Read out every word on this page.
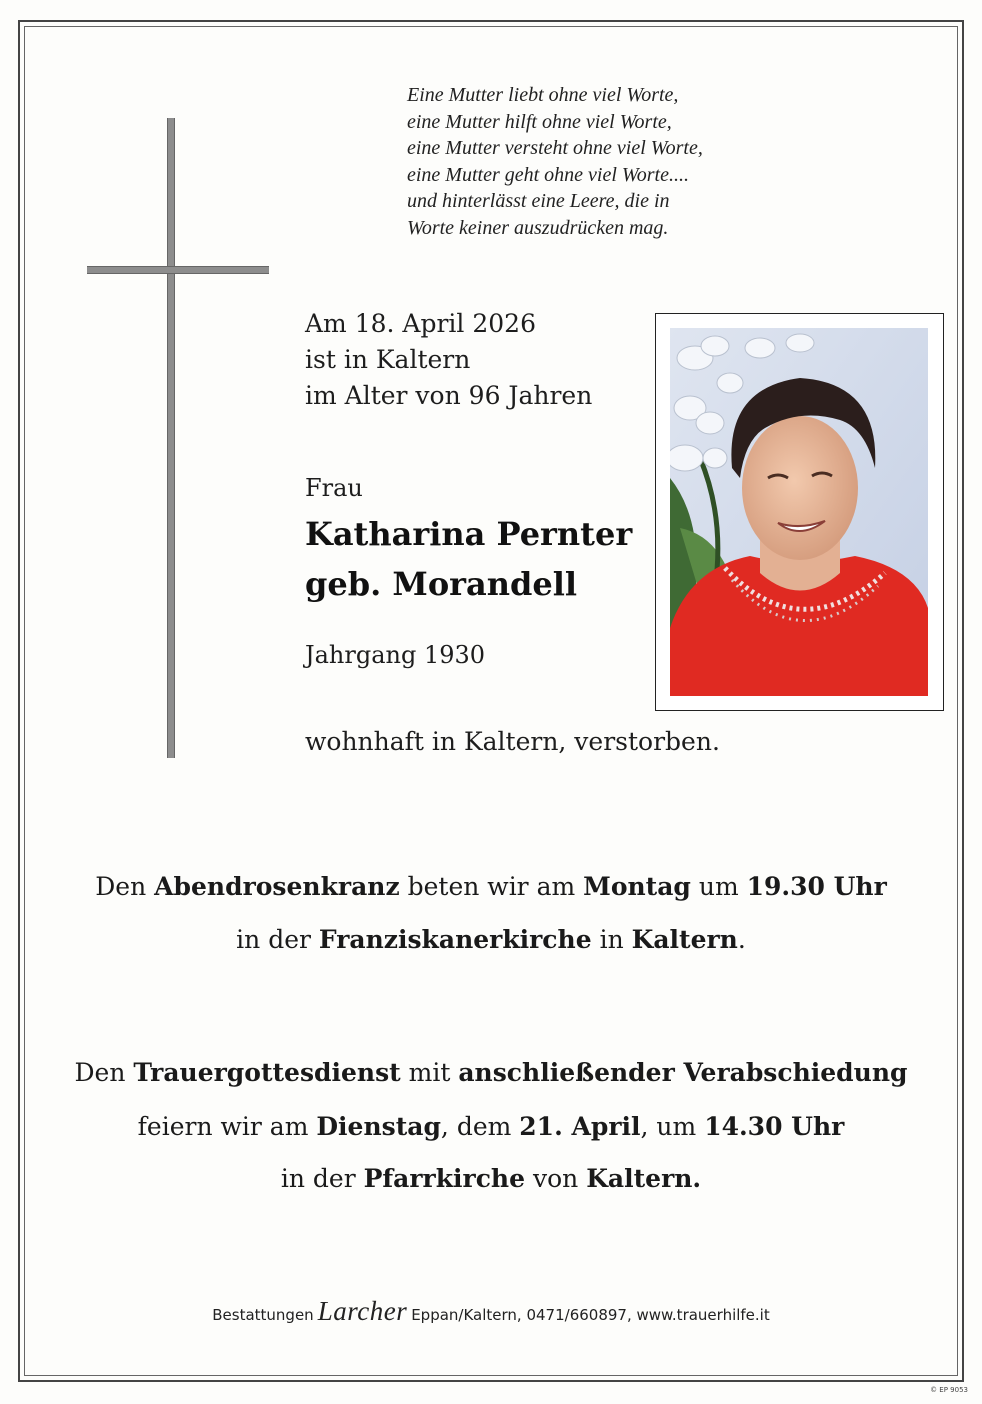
Eine Mutter liebt ohne viel Worte,
eine Mutter hilft ohne viel Worte,
eine Mutter versteht ohne viel Worte,
eine Mutter geht ohne viel Worte....
und hinterlässt eine Leere, die in
Worte keiner auszudrücken mag.
Am 18. April 2026
ist in Kaltern
im Alter von 96 Jahren
Frau
Katharina Pernter
geb. Morandell
Jahrgang 1930
wohnhaft in Kaltern, verstorben.
Den Abendrosenkranz beten wir am Montag um 19.30 Uhr
in der Franziskanerkirche in Kaltern.
Den Trauergottesdienst mit anschließender Verabschiedung
feiern wir am Dienstag, dem 21. April, um 14.30 Uhr
in der Pfarrkirche von Kaltern.
Bestattungen Larcher Eppan/Kaltern, 0471/660897, www.trauerhilfe.it
© EP 9053
